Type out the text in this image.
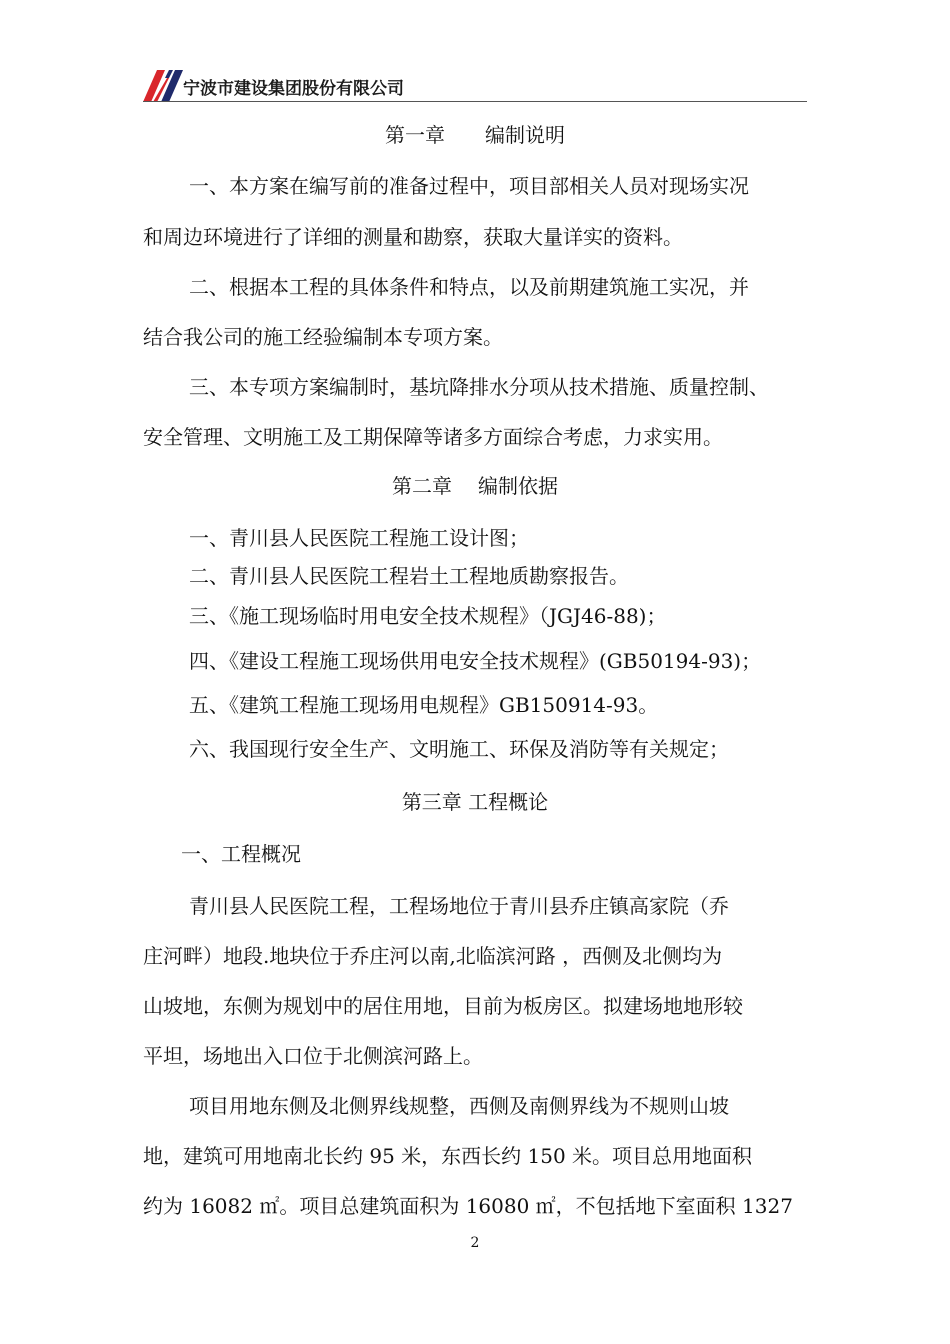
宁波市建设集团股份有限公司
第一章 编制说明
一、本方案在编写前的准备过程中，项目部相关人员对现场实况
和周边环境进行了详细的测量和勘察，获取大量详实的资料。
二、根据本工程的具体条件和特点，以及前期建筑施工实况，并
结合我公司的施工经验编制本专项方案。
三、本专项方案编制时，基坑降排水分项从技术措施、质量控制、
安全管理、文明施工及工期保障等诸多方面综合考虑，力求实用。
第二章 编制依据
一、青川县人民医院工程施工设计图；
二、青川县人民医院工程岩土工程地质勘察报告。
三、《施工现场临时用电安全技术规程》（JGJ46-88)；
四、《建设工程施工现场供用电安全技术规程》(GB50194-93)；
五、《建筑工程施工现场用电规程》GB150914-93。
六、我国现行安全生产、文明施工、环保及消防等有关规定；
第三章 工程概论
一、工程概况
青川县人民医院工程，工程场地位于青川县乔庄镇高家院（乔
庄河畔）地段.地块位于乔庄河以南,北临滨河路 ，西侧及北侧均为
山坡地，东侧为规划中的居住用地，目前为板房区。拟建场地地形较
平坦，场地出入口位于北侧滨河路上。
项目用地东侧及北侧界线规整，西侧及南侧界线为不规则山坡
地，建筑可用地南北长约 95 米，东西长约 150 米。项目总用地面积
约为 16082 ㎡。项目总建筑面积为 16080 ㎡，不包括地下室面积 1327
2
